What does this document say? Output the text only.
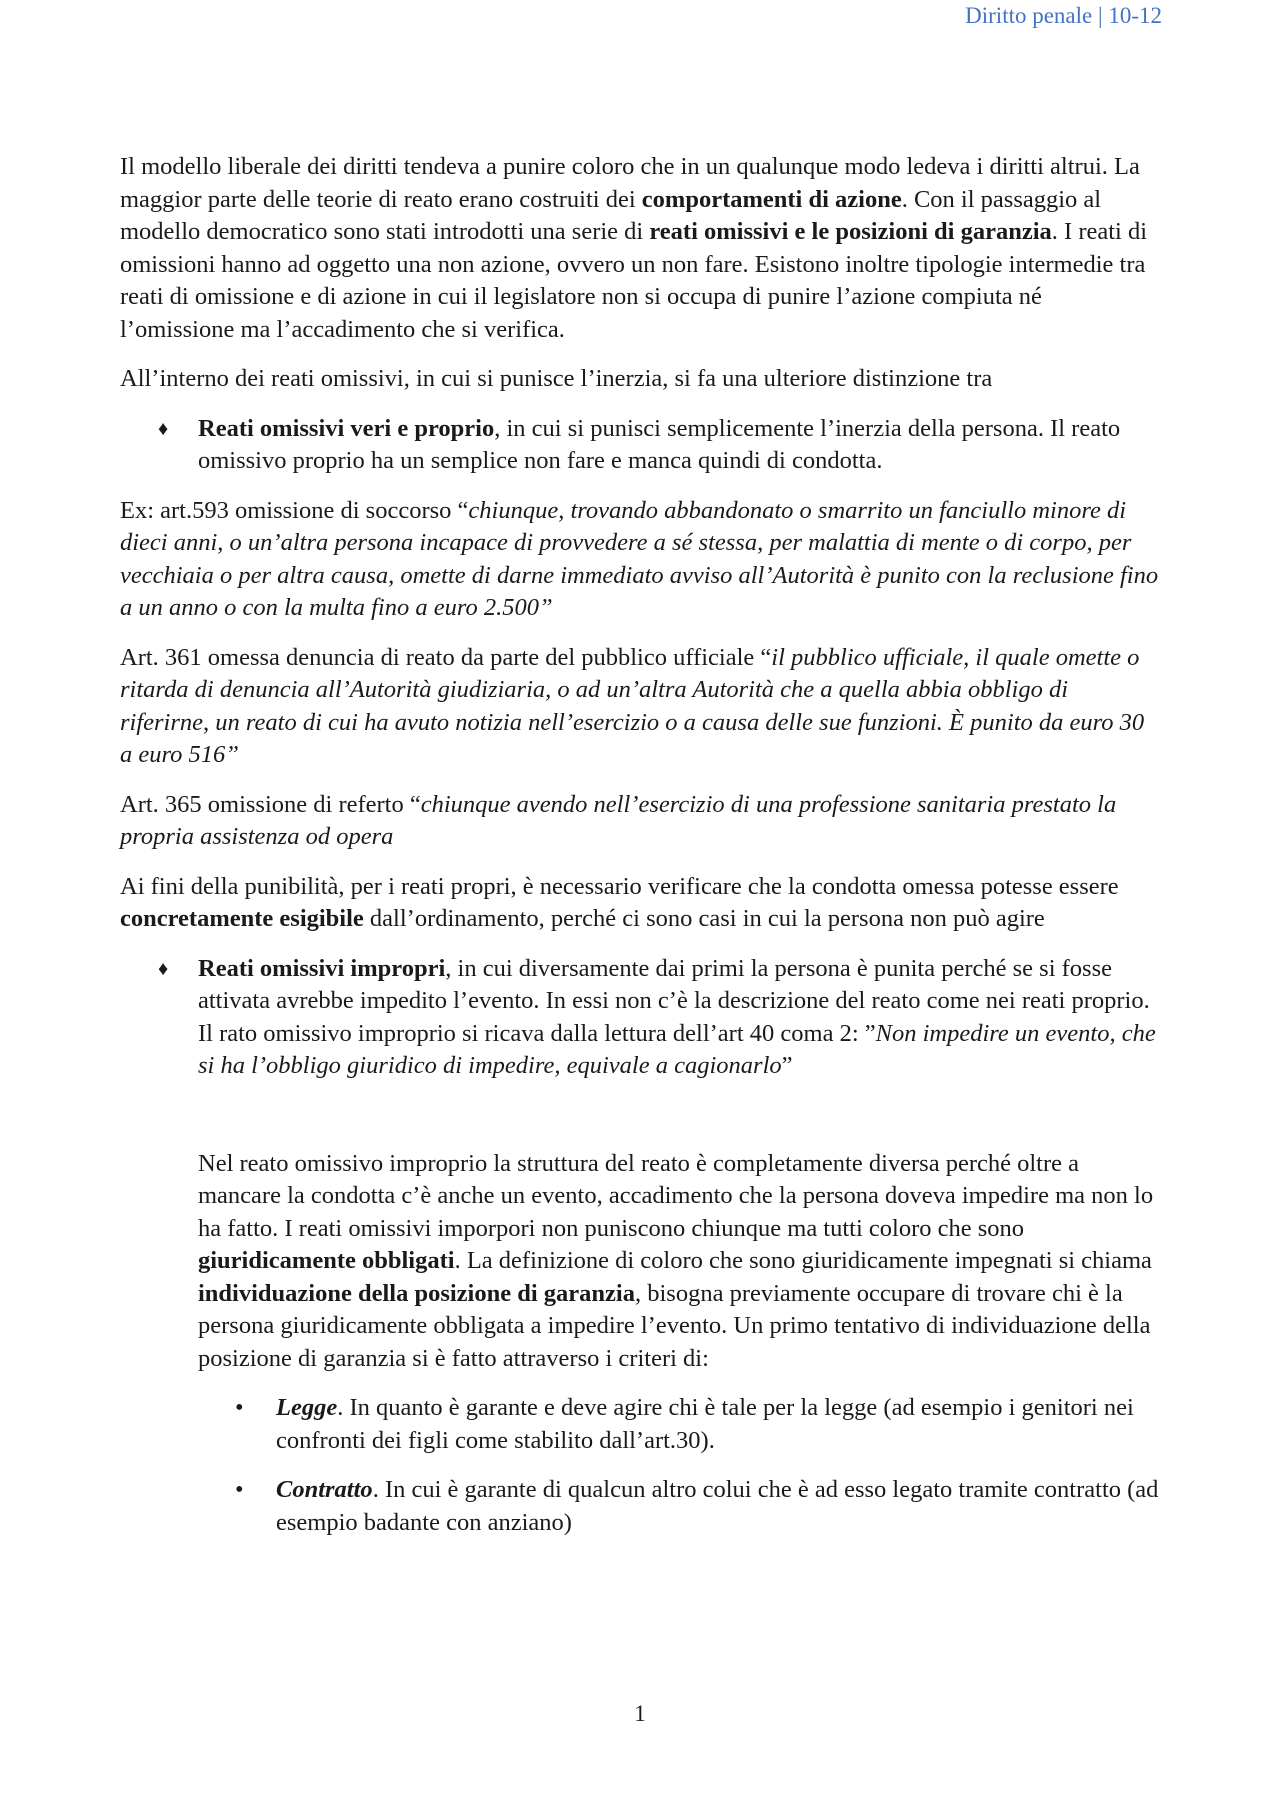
Diritto penale | 10-12

Il modello liberale dei diritti tendeva a punire coloro che in un qualunque modo ledeva i diritti altrui. La maggior parte delle teorie di reato erano costruiti dei comportamenti di azione. Con il passaggio al modello democratico sono stati introdotti una serie di reati omissivi e le posizioni di garanzia. I reati di omissioni hanno ad oggetto una non azione, ovvero un non fare. Esistono inoltre tipologie intermedie tra reati di omissione e di azione in cui il legislatore non si occupa di punire l’azione compiuta né l’omissione ma l’accadimento che si verifica.

All’interno dei reati omissivi, in cui si punisce l’inerzia, si fa una ulteriore distinzione tra

♦ Reati omissivi veri e proprio, in cui si punisci semplicemente l’inerzia della persona. Il reato omissivo proprio ha un semplice non fare e manca quindi di condotta.

Ex: art.593 omissione di soccorso “chiunque, trovando abbandonato o smarrito un fanciullo minore di dieci anni, o un’altra persona incapace di provvedere a sé stessa, per malattia di mente o di corpo, per vecchiaia o per altra causa, omette di darne immediato avviso all’Autorità è punito con la reclusione fino a un anno o con la multa fino a euro 2.500”

Art. 361 omessa denuncia di reato da parte del pubblico ufficiale “il pubblico ufficiale, il quale omette o ritarda di denuncia all’Autorità giudiziaria, o ad un’altra Autorità che a quella abbia obbligo di riferirne, un reato di cui ha avuto notizia nell’esercizio o a causa delle sue funzioni. È punito da euro 30 a euro 516”

Art. 365 omissione di referto “chiunque avendo nell’esercizio di una professione sanitaria prestato la propria assistenza od opera

Ai fini della punibilità, per i reati propri, è necessario verificare che la condotta omessa potesse essere concretamente esigibile dall’ordinamento, perché ci sono casi in cui la persona non può agire

♦ Reati omissivi impropri, in cui diversamente dai primi la persona è punita perché se si fosse attivata avrebbe impedito l’evento. In essi non c’è la descrizione del reato come nei reati proprio. Il rato omissivo improprio si ricava dalla lettura dell’art 40 coma 2: ”Non impedire un evento, che si ha l’obbligo giuridico di impedire, equivale a cagionarlo”

Nel reato omissivo improprio la struttura del reato è completamente diversa perché oltre a mancare la condotta c’è anche un evento, accadimento che la persona doveva impedire ma non lo ha fatto. I reati omissivi imporpori non puniscono chiunque ma tutti coloro che sono giuridicamente obbligati. La definizione di coloro che sono giuridicamente impegnati si chiama individuazione della posizione di garanzia, bisogna previamente occupare di trovare chi è la persona giuridicamente obbligata a impedire l’evento. Un primo tentativo di individuazione della posizione di garanzia si è fatto attraverso i criteri di:

• Legge. In quanto è garante e deve agire chi è tale per la legge (ad esempio i genitori nei confronti dei figli come stabilito dall’art.30).
• Contratto. In cui è garante di qualcun altro colui che è ad esso legato tramite contratto (ad esempio badante con anziano)
1
